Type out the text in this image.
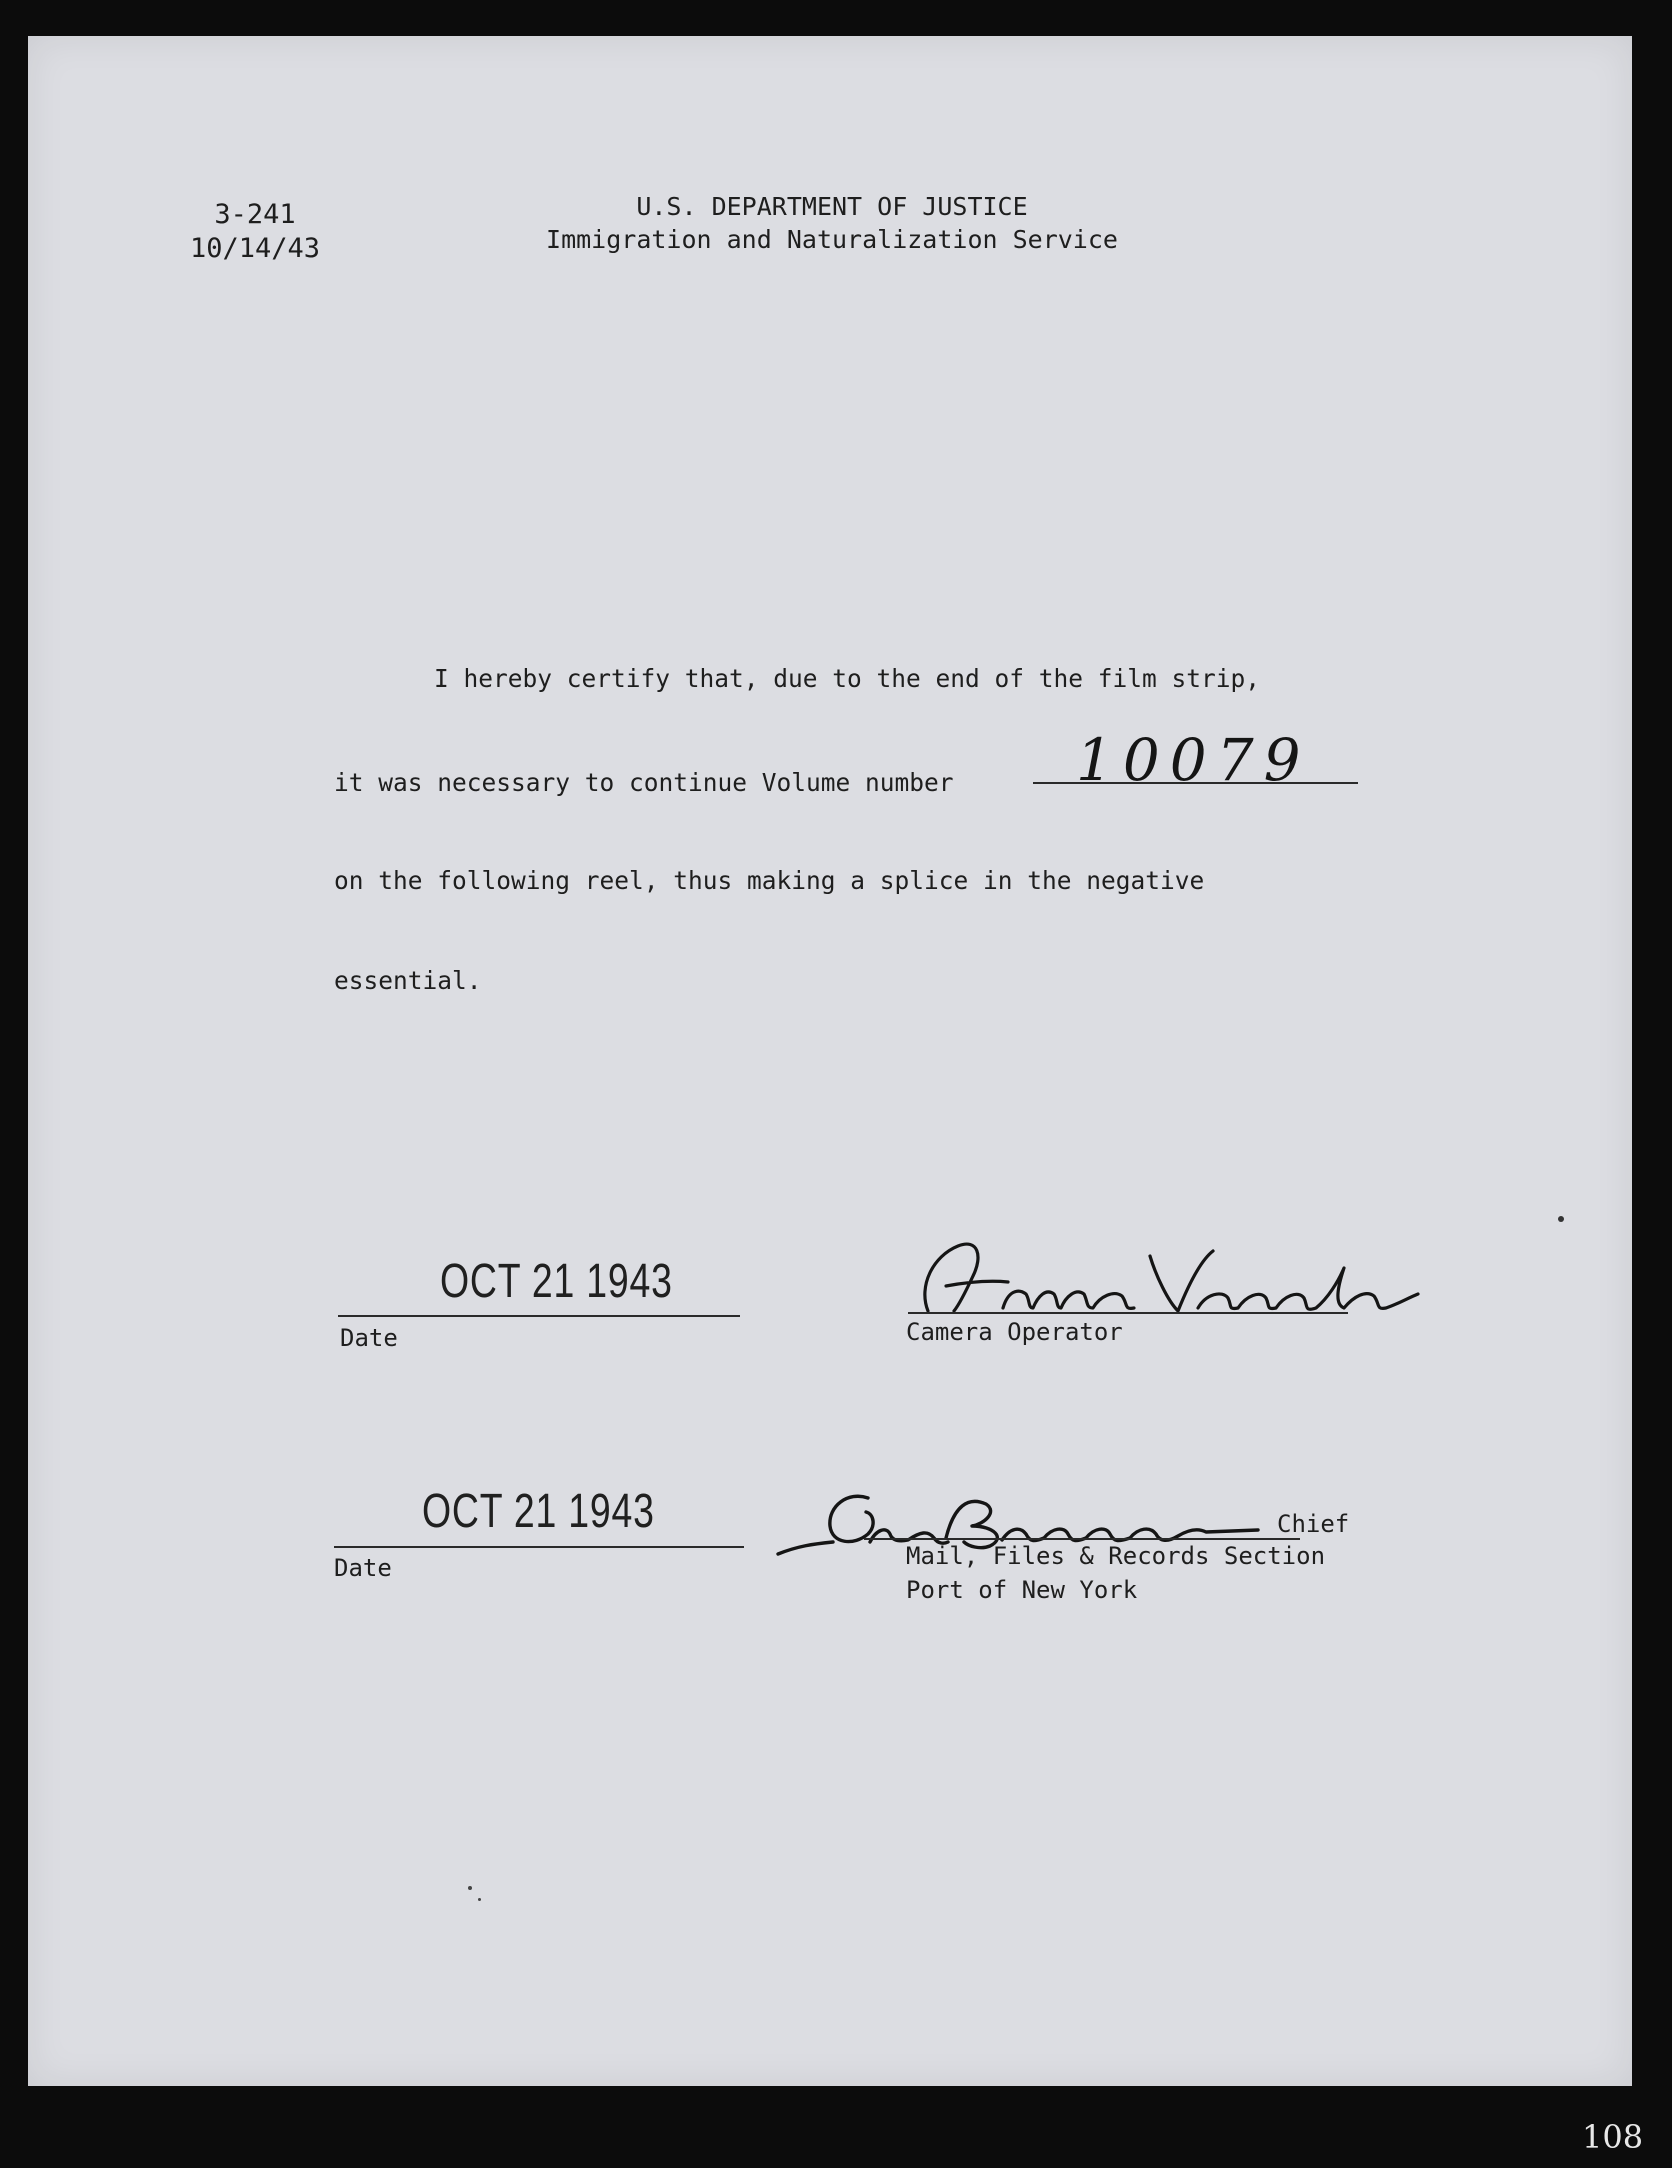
3-241
10/14/43
U.S. DEPARTMENT OF JUSTICE
Immigration and Naturalization Service
I hereby certify that, due to the end of the film strip,
it was necessary to continue Volume number 10079
on the following reel, thus making a splice in the negative
essential.
OCT 21 1943
Date	Camera Operator
OCT 21 1943
Date
Chief
Mail, Files & Records Section
Port of New York
108
